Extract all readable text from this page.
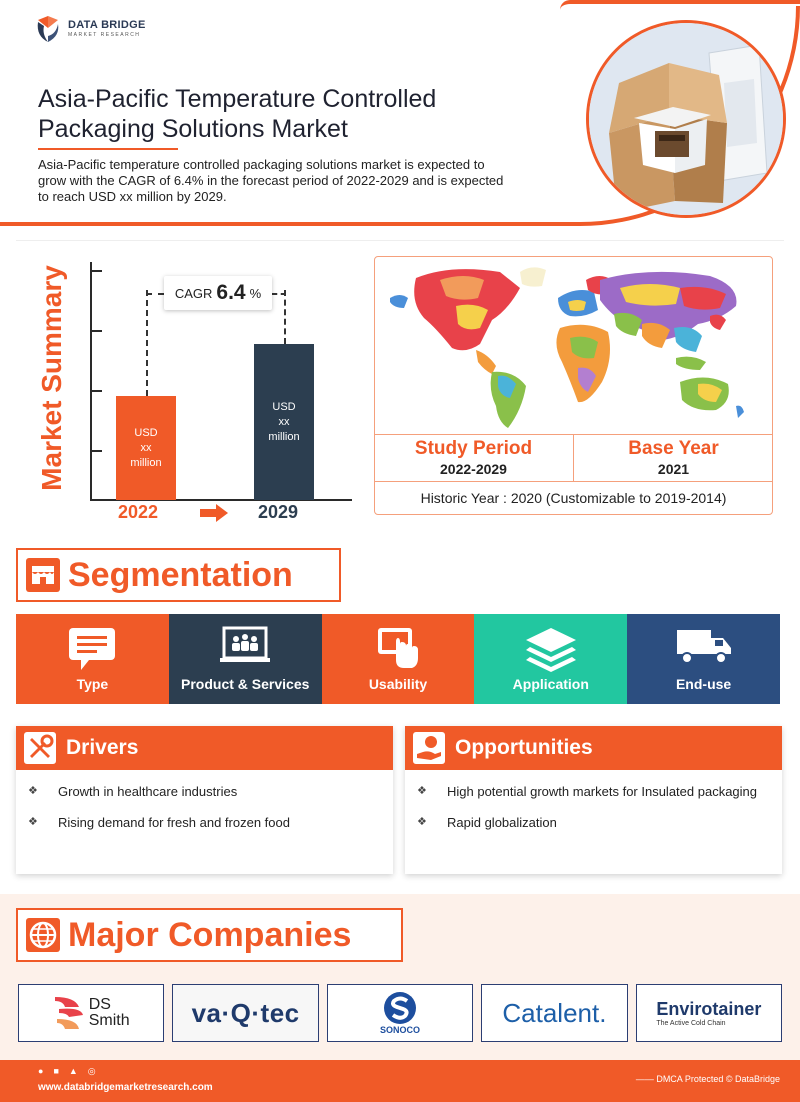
DATA BRIDGE
MARKET RESEARCH
Asia-Pacific Temperature Controlled
Packaging Solutions Market

Asia-Pacific temperature controlled packaging solutions market is expected to grow with the CAGR of 6.4% in the forecast period of 2022-2029 and is expected to reach USD xx million by 2029.

Market Summary	CAGR 6.4 %
USD
xx
million
USD
xx
million
2022	2029
Study Period
2022-2029
Base Year
2021
Historic Year : 2020 (Customizable to 2019-2014)
Segmentation
Type	Product & Services	Usability	Application	End-use
Drivers
❖	Growth in healthcare industries
❖	Rising demand for fresh and frozen food
Opportunities
❖	High potential growth markets for Insulated packaging
❖	Rapid globalization
Major Companies
DS
Smith va·Q·tec
SONOCO
Catalent.	Envirotainer
The Active Cold Chain
● ■ ▲ ◎
www.databridgemarketresearch.com
—— DMCA Protected © DataBridge
